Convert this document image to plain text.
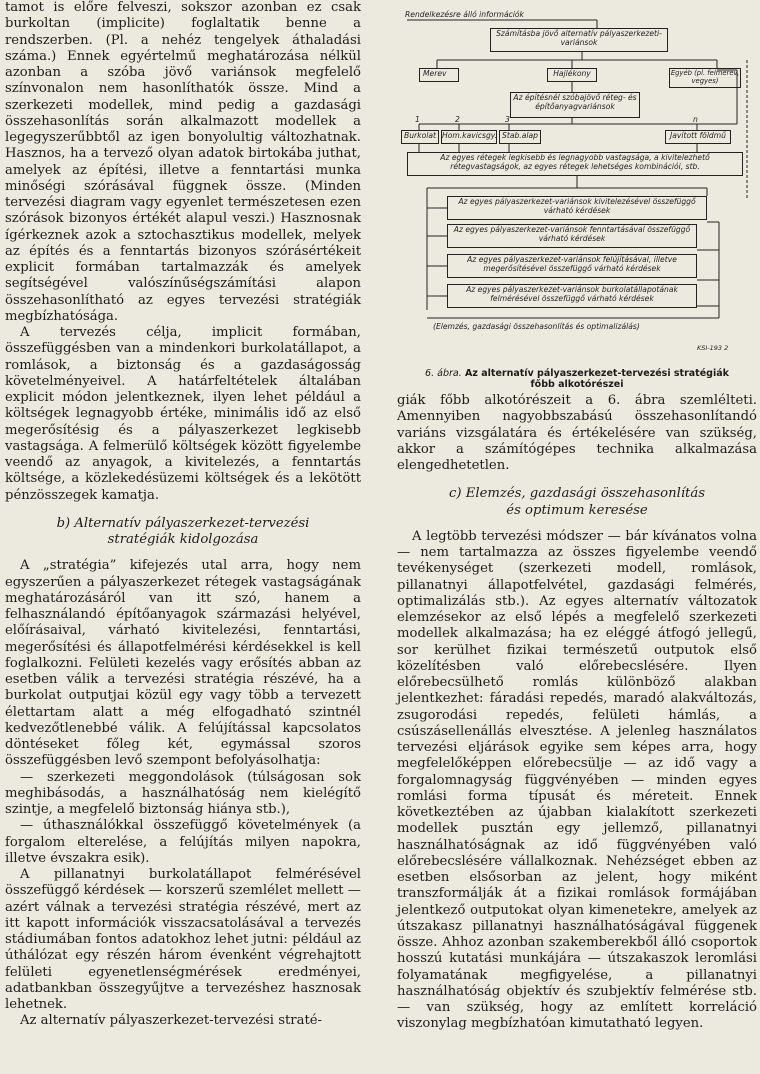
tamot is előre felveszi, sokszor azonban ez csak burkoltan (implicite) foglaltatik benne a rendszerben. (Pl. a nehéz tengelyek áthaladási száma.) Ennek egyértelmű meghatározása nélkül azonban a szóba jövő variánsok megfelelő színvonalon nem hasonlíthatók össze. Mind a szerkezeti modellek, mind pedig a gazdasági összehasonlítás során alkalmazott modellek a legegyszerűbbtől az igen bonyolultig változhatnak. Hasznos, ha a tervező olyan adatok birtokába juthat, amelyek az építési, illetve a fenntartási munka minőségi szórásával függnek össze. (Minden tervezési diagram vagy egyenlet természetesen ezen szórások bizonyos értékét alapul veszi.) Hasznosnak ígérkeznek azok a sztochasztikus modellek, melyek az építés és a fenntartás bizonyos szórásértékeit explicit formában tartalmazzák és amelyek segítségével valószínűségszámítási alapon összehasonlítható az egyes tervezési stratégiák megbízhatósága.

A tervezés célja, implicit formában, összefüggésben van a mindenkori burkolatállapot, a romlások, a biztonság és a gazdaságosság követelményeivel. A határfeltételek általában explicit módon jelentkeznek, ilyen lehet például a költségek legnagyobb értéke, minimális idő az első megerősítésig és a pályaszerkezet legkisebb vastagsága. A felmerülő költségek között figyelembe veendő az anyagok, a kivitelezés, a fenntartás költsége, a közlekedésüzemi költségek és a lekötött pénzösszegek kamatja.

b) Alternatív pályaszerkezet-tervezési
stratégiák kidolgozása

A „stratégia” kifejezés utal arra, hogy nem egyszerűen a pályaszerkezet rétegek vastagságának meghatározásáról van itt szó, hanem a felhasználandó építőanyagok származási helyével, előírásaival, várható kivitelezési, fenntartási, megerősítési és állapotfelmérési kérdésekkel is kell foglalkozni. Felületi kezelés vagy erősítés abban az esetben válik a tervezési stratégia részévé, ha a burkolat outputjai közül egy vagy több a tervezett élettartam alatt a még elfogadható szintnél kedvezőtlenebbé válik. A felújítással kapcsolatos döntéseket főleg két, egymással szoros összefüggésben levő szempont befolyásolhatja:

— szerkezeti meggondolások (túlságosan sok meghibásodás, a használhatóság nem kielégítő szintje, a megfelelő biztonság hiánya stb.),

— úthasználókkal összefüggő követelmények (a forgalom elterelése, a felújítás milyen napokra, illetve évszakra esik).

A pillanatnyi burkolatállapot felmérésével összefüggő kérdések — korszerű szemlélet mellett — azért válnak a tervezési stratégia részévé, mert az itt kapott információk visszacsatolásával a tervezés stádiumában fontos adatokhoz lehet jutni: például az úthálózat egy részén három évenként végrehajtott felületi egyenetlenségmérések eredményei, adatbankban összegyűjtve a tervezéshez hasznosak lehetnek.

Az alternatív pályaszerkezet-tervezési straté-

Rendelkezésre álló információk
Számításba jövő alternatív pályaszerkezeti-variánsok
Merev	Hajlékony	Egyéb (pl. felmerev, vegyes)
Az építésnél szóbajövő réteg- és építőanyagvariánsok
1	2	3	n
Burkolat Hom.kavicsgy. Stab.alap	Javított földmű
Az egyes rétegek legkisebb és legnagyobb vastagsága, a kivitelezhető rétegvastagságok, az egyes rétegek lehetséges kombinációi, stb.
Az egyes pályaszerkezet-variánsok kivitelezésével összefüggő várható kérdések
Az egyes pályaszerkezet-variánsok fenntartásával összefüggő várható kérdések
Az egyes pályaszerkezet-variánsok felújításával, illetve megerősítésével összefüggő várható kérdések
Az egyes pályaszerkezet-variánsok burkolatállapotának felmérésével összefüggő várható kérdések
(Elemzés, gazdasági összehasonlítás és optimalizálás)
KSI-193 2
6. ábra. Az alternatív pályaszerkezet-tervezési stratégiák
főbb alkotórészei

giák főbb alkotórészeit a 6. ábra szemlélteti. Amennyiben nagyobbszabású összehasonlítandó variáns vizsgálatára és értékelésére van szükség, akkor a számítógépes technika alkalmazása elengedhetetlen.

c) Elemzés, gazdasági összehasonlítás
és optimum keresése

A legtöbb tervezési módszer — bár kívánatos volna — nem tartalmazza az összes figyelembe veendő tevékenységet (szerkezeti modell, romlások, pillanatnyi állapotfelvétel, gazdasági felmérés, optimalizálás stb.). Az egyes alternatív változatok elemzésekor az első lépés a megfelelő szerkezeti modellek alkalmazása; ha ez eléggé átfogó jellegű, sor kerülhet fizikai természetű outputok első közelítésben való előrebecslésére. Ilyen előrebecsülhető romlás különböző alakban jelentkezhet: fáradási repedés, maradó alakváltozás, zsugorodási repedés, felületi hámlás, a csúszásellenállás elvesztése. A jelenleg használatos tervezési eljárások egyike sem képes arra, hogy megfelelőképpen előrebecsülje — az idő vagy a forgalomnagyság függvényében — minden egyes romlási forma típusát és méreteit. Ennek következtében az újabban kialakított szerkezeti modellek pusztán egy jellemző, pillanatnyi használhatóságnak az idő függvényében való előrebecslésére vállalkoznak. Nehézséget ebben az esetben elsősorban az jelent, hogy miként transzformálják át a fizikai romlások formájában jelentkező outputokat olyan kimenetekre, amelyek az útszakasz pillanatnyi használhatóságával függenek össze. Ahhoz azonban szakemberekből álló csoportok hosszú kutatási munkájára — útszakaszok leromlási folyamatának megfigyelése, a pillanatnyi használhatóság objektív és szubjektív felmérése stb. — van szükség, hogy az említett korreláció viszonylag megbízhatóan kimutatható legyen.
